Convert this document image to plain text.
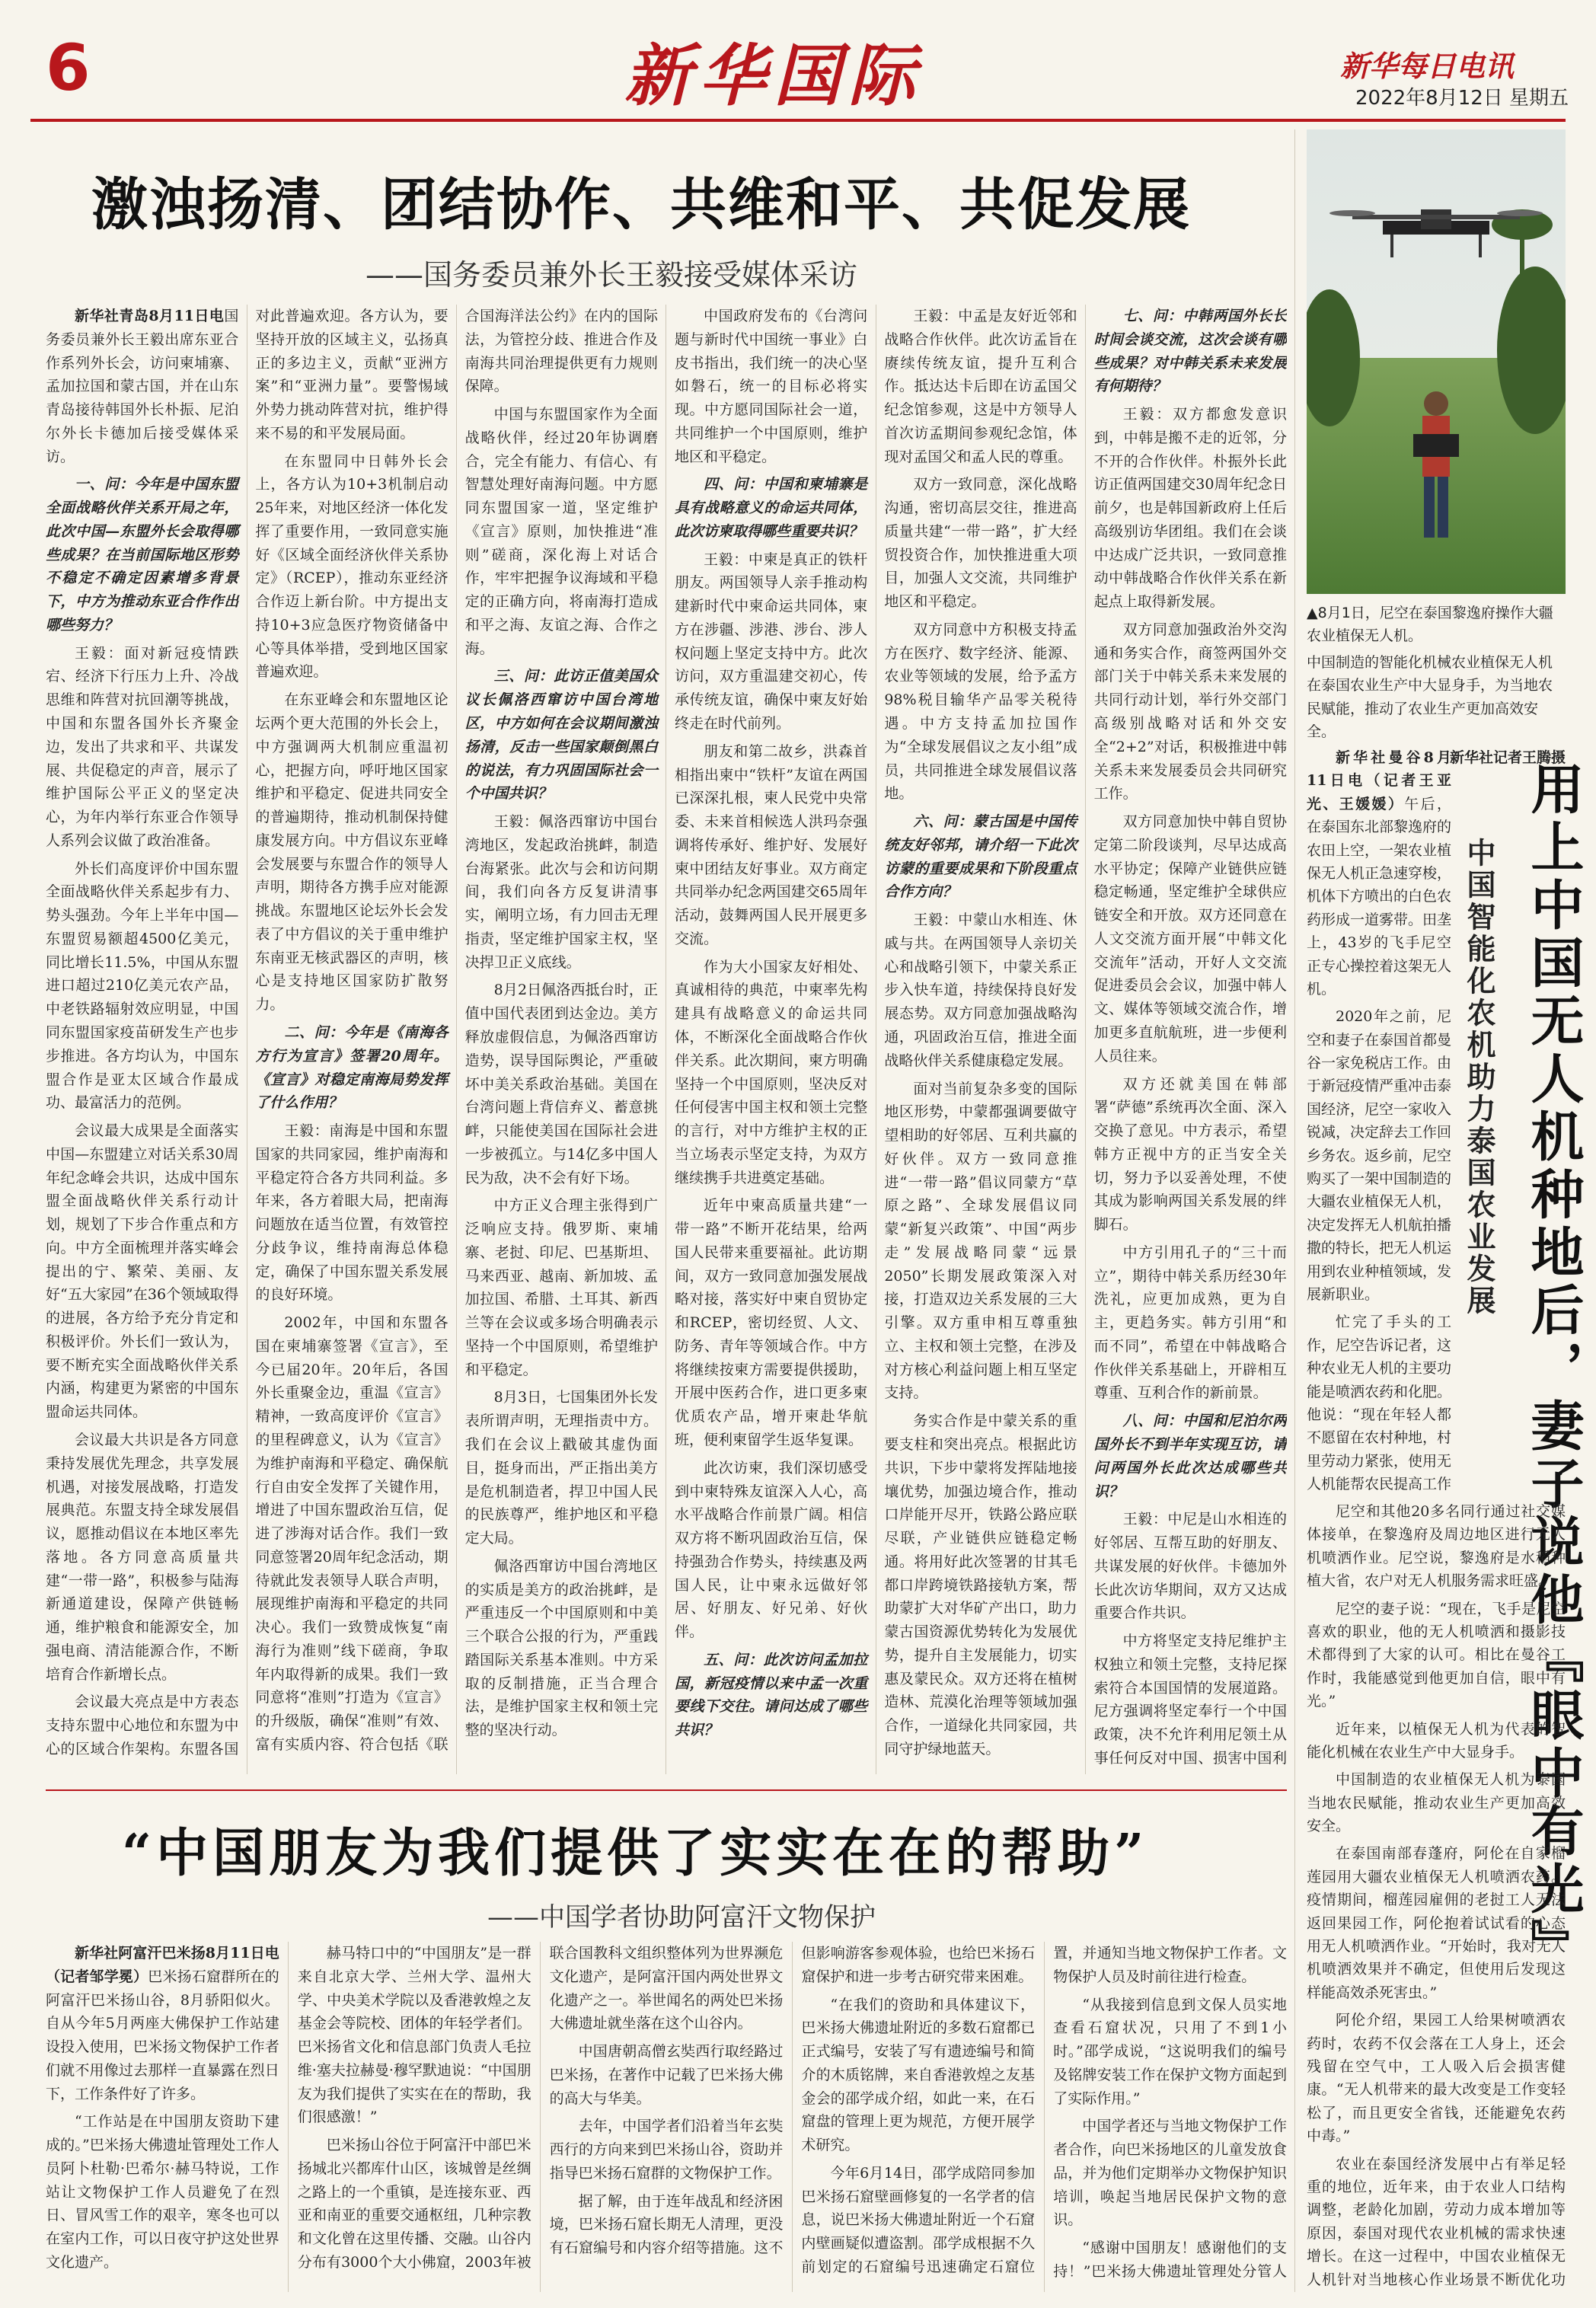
6	新华国际	新华每日电讯
2022年8月12日 星期五
激浊扬清、团结协作、共维和平、共促发展
——国务委员兼外长王毅接受媒体采访

新华社青岛8月11日电国务委员兼外长王毅出席东亚合作系列外长会，访问柬埔寨、孟加拉国和蒙古国，并在山东青岛接待韩国外长朴振、尼泊尔外长卡德加后接受媒体采访。

一、问：今年是中国东盟全面战略伙伴关系开局之年，此次中国—东盟外长会取得哪些成果？在当前国际地区形势不稳定不确定因素增多背景下，中方为推动东亚合作作出哪些努力？

王毅：面对新冠疫情跌宕、经济下行压力上升、冷战思维和阵营对抗回潮等挑战，中国和东盟各国外长齐聚金边，发出了共求和平、共谋发展、共促稳定的声音，展示了维护国际公平正义的坚定决心，为年内举行东亚合作领导人系列会议做了政治准备。

外长们高度评价中国东盟全面战略伙伴关系起步有力、势头强劲。今年上半年中国—东盟贸易额超4500亿美元，同比增长11.5%，中国从东盟进口超过210亿美元农产品，中老铁路辐射效应明显，中国同东盟国家疫苗研发生产也步步推进。各方均认为，中国东盟合作是亚太区域合作最成功、最富活力的范例。

会议最大成果是全面落实中国—东盟建立对话关系30周年纪念峰会共识，达成中国东盟全面战略伙伴关系行动计划，规划了下步合作重点和方向。中方全面梳理并落实峰会提出的宁、繁荣、美丽、友好“五大家园”在36个领域取得的进展，各方给予充分肯定和积极评价。外长们一致认为，要不断充实全面战略伙伴关系内涵，构建更为紧密的中国东盟命运共同体。

会议最大共识是各方同意秉持发展优先理念，共享发展机遇，对接发展战略，打造发展典范。东盟支持全球发展倡议，愿推动倡议在本地区率先落地。各方同意高质量共建“一带一路”，积极参与陆海新通道建设，保障产供链畅通，维护粮食和能源安全，加强电商、清洁能源合作，不断培育合作新增长点。

会议最大亮点是中方表态支持东盟中心地位和东盟为中心的区域合作架构。东盟各国对此普遍欢迎。各方认为，要坚持开放的区域主义，弘扬真正的多边主义，贡献“亚洲方案”和“亚洲力量”。要警惕域外势力挑动阵营对抗，维护得来不易的和平发展局面。

在东盟同中日韩外长会上，各方认为10+3机制启动25年来，对地区经济一体化发挥了重要作用，一致同意实施好《区域全面经济伙伴关系协定》（RCEP），推动东亚经济合作迈上新台阶。中方提出支持10+3应急医疗物资储备中心等具体举措，受到地区国家普遍欢迎。

在东亚峰会和东盟地区论坛两个更大范围的外长会上，中方强调两大机制应重温初心，把握方向，呼吁地区国家维护和平稳定、促进共同安全的普遍期待，推动机制保持健康发展方向。中方倡议东亚峰会发展要与东盟合作的领导人声明，期待各方携手应对能源挑战。东盟地区论坛外长会发表了中方倡议的关于重申维护东南亚无核武器区的声明，核心是支持地区国家防扩散努力。

二、问：今年是《南海各方行为宣言》签署20周年。《宣言》对稳定南海局势发挥了什么作用？

王毅：南海是中国和东盟国家的共同家园，维护南海和平稳定符合各方共同利益。多年来，各方着眼大局，把南海问题放在适当位置，有效管控分歧争议，维持南海总体稳定，确保了中国东盟关系发展的良好环境。

2002年，中国和东盟各国在柬埔寨签署《宣言》，至今已届20年。20年后，各国外长重聚金边，重温《宣言》精神，一致高度评价《宣言》的里程碑意义，认为《宣言》为维护南海和平稳定、确保航行自由安全发挥了关键作用，增进了中国东盟政治互信，促进了涉海对话合作。我们一致同意签署20周年纪念活动，期待就此发表领导人联合声明，展现维护南海和平稳定的共同决心。我们一致赞成恢复“南海行为准则”线下磋商，争取年内取得新的成果。我们一致同意将“准则”打造为《宣言》的升级版，确保“准则”有效、富有实质内容、符合包括《联合国海洋法公约》在内的国际法，为管控分歧、推进合作及南海共同治理提供更有力规则保障。

中国与东盟国家作为全面战略伙伴，经过20年协调磨合，完全有能力、有信心、有智慧处理好南海问题。中方愿同东盟国家一道，坚定维护《宣言》原则，加快推进“准则”磋商，深化海上对话合作，牢牢把握争议海域和平稳定的正确方向，将南海打造成和平之海、友谊之海、合作之海。

三、问：此访正值美国众议长佩洛西窜访中国台湾地区，中方如何在会议期间激浊扬清，反击一些国家颠倒黑白的说法，有力巩固国际社会一个中国共识？

王毅：佩洛西窜访中国台湾地区，发起政治挑衅，制造台海紧张。此次与会和访问期间，我们向各方反复讲清事实，阐明立场，有力回击无理指责，坚定维护国家主权，坚决捍卫正义底线。

8月2日佩洛西抵台时，正值中国代表团到达金边。美方释放虚假信息，为佩洛西窜访造势，误导国际舆论，严重破坏中美关系政治基础。美国在台湾问题上背信弃义、蓄意挑衅，只能使美国在国际社会进一步被孤立。与14亿多中国人民为敌，决不会有好下场。

中方正义合理主张得到广泛响应支持。俄罗斯、柬埔寨、老挝、印尼、巴基斯坦、马来西亚、越南、新加坡、孟加拉国、希腊、土耳其、新西兰等在会议或多场合明确表示坚持一个中国原则，希望维护和平稳定。

8月3日，七国集团外长发表所谓声明，无理指责中方。我们在会议上戳破其虚伪面目，挺身而出，严正指出美方是危机制造者，捍卫中国人民的民族尊严，维护地区和平稳定大局。

佩洛西窜访中国台湾地区的实质是美方的政治挑衅，是严重违反一个中国原则和中美三个联合公报的行为，严重践踏国际关系基本准则。中方采取的反制措施，正当合理合法，是维护国家主权和领土完整的坚决行动。

中国政府发布的《台湾问题与新时代中国统一事业》白皮书指出，我们统一的决心坚如磐石，统一的目标必将实现。中方愿同国际社会一道，共同维护一个中国原则，维护地区和平稳定。

四、问：中国和柬埔寨是具有战略意义的命运共同体，此次访柬取得哪些重要共识？

王毅：中柬是真正的铁杆朋友。两国领导人亲手推动构建新时代中柬命运共同体，柬方在涉疆、涉港、涉台、涉人权问题上坚定支持中方。此次访问，双方重温建交初心，传承传统友谊，确保中柬友好始终走在时代前列。

朋友和第二故乡，洪森首相指出柬中“铁杆”友谊在两国已深深扎根，柬人民党中央常委、未来首相候选人洪玛奈强调将传承好、维护好、发展好柬中团结友好事业。双方商定共同举办纪念两国建交65周年活动，鼓舞两国人民开展更多交流。

作为大小国家友好相处、真诚相待的典范，中柬率先构建具有战略意义的命运共同体，不断深化全面战略合作伙伴关系。此次期间，柬方明确坚持一个中国原则，坚决反对任何侵害中国主权和领土完整的言行，对中方维护主权的正当立场表示坚定支持，为双方继续携手共进奠定基础。

近年中柬高质量共建“一带一路”不断开花结果，给两国人民带来重要福祉。此访期间，双方一致同意加强发展战略对接，落实好中柬自贸协定和RCEP，密切经贸、人文、防务、青年等领域合作。中方将继续按柬方需要提供援助，开展中医药合作，进口更多柬优质农产品，增开柬赴华航班，便利柬留学生返华复课。

此次访柬，我们深切感受到中柬特殊友谊深入人心，高水平战略合作前景广阔。相信双方将不断巩固政治互信，保持强劲合作势头，持续惠及两国人民，让中柬永远做好邻居、好朋友、好兄弟、好伙伴。

五、问：此次访问孟加拉国，新冠疫情以来中孟一次重要线下交往。请问达成了哪些共识？

王毅：中孟是友好近邻和战略合作伙伴。此次访孟旨在赓续传统友谊，提升互利合作。抵达达卡后即在访孟国父纪念馆参观，这是中方领导人首次访孟期间参观纪念馆，体现对孟国父和孟人民的尊重。

双方一致同意，深化战略沟通，密切高层交往，推进高质量共建“一带一路”，扩大经贸投资合作，加快推进重大项目，加强人文交流，共同维护地区和平稳定。

双方同意中方积极支持孟方在医疗、数字经济、能源、农业等领域的发展，给予孟方98%税目输华产品零关税待遇。中方支持孟加拉国作为“全球发展倡议之友小组”成员，共同推进全球发展倡议落地。

六、问：蒙古国是中国传统友好邻邦，请介绍一下此次访蒙的重要成果和下阶段重点合作方向？

王毅：中蒙山水相连、休戚与共。在两国领导人亲切关心和战略引领下，中蒙关系正步入快车道，持续保持良好发展态势。双方同意加强战略沟通，巩固政治互信，推进全面战略伙伴关系健康稳定发展。

面对当前复杂多变的国际地区形势，中蒙都强调要做守望相助的好邻居、互利共赢的好伙伴。双方一致同意推进“一带一路”倡议同蒙方“草原之路”、全球发展倡议同蒙“新复兴政策”、中国“两步走”发展战略同蒙“远景2050”长期发展政策深入对接，打造双边关系发展的三大引擎。双方重申相互尊重独立、主权和领土完整，在涉及对方核心利益问题上相互坚定支持。

务实合作是中蒙关系的重要支柱和突出亮点。根据此访共识，下步中蒙将发挥陆地接壤优势，加强边境合作，推动口岸能开尽开，铁路公路应联尽联，产业链供应链稳定畅通。将用好此次签署的甘其毛都口岸跨境铁路接轨方案，帮助蒙扩大对华矿产出口，助力蒙古国资源优势转化为发展优势，提升自主发展能力，切实惠及蒙民众。双方还将在植树造林、荒漠化治理等领域加强合作，一道绿化共同家园，共同守护绿地蓝天。

七、问：中韩两国外长长时间会谈交流，这次会谈有哪些成果？对中韩关系未来发展有何期待？

王毅：双方都愈发意识到，中韩是搬不走的近邻，分不开的合作伙伴。朴振外长此访正值两国建交30周年纪念日前夕，也是韩国新政府上任后高级别访华团组。我们在会谈中达成广泛共识，一致同意推动中韩战略合作伙伴关系在新起点上取得新发展。

双方同意加强政治外交沟通和务实合作，商签两国外交部门关于中韩关系未来发展的共同行动计划，举行外交部门高级别战略对话和外交安全“2+2”对话，积极推进中韩关系未来发展委员会共同研究工作。

双方同意加快中韩自贸协定第二阶段谈判，尽早达成高水平协定；保障产业链供应链稳定畅通，坚定维护全球供应链安全和开放。双方还同意在人文交流方面开展“中韩文化交流年”活动，开好人文交流促进委员会会议，加强中韩人文、媒体等领域交流合作，增加更多直航航班，进一步便利人员往来。

双方还就美国在韩部署“萨德”系统再次全面、深入交换了意见。中方表示，希望韩方正视中方的正当安全关切，努力予以妥善处理，不使其成为影响两国关系发展的绊脚石。

中方引用孔子的“三十而立”，期待中韩关系历经30年洗礼，应更加成熟，更为自主，更趋务实。韩方引用“和而不同”，希望在中韩战略合作伙伴关系基础上，开辟相互尊重、互利合作的新前景。

八、问：中国和尼泊尔两国外长不到半年实现互访，请问两国外长此次达成哪些共识？

王毅：中尼是山水相连的好邻居、互帮互助的好朋友、共谋发展的好伙伴。卡德加外长此次访华期间，双方又达成重要合作共识。

中方将坚定支持尼维护主权独立和领土完整，支持尼探索符合本国国情的发展道路。尼方强调将坚定奉行一个中国政策，决不允许利用尼领土从事任何反对中国、损害中国利

“中国朋友为我们提供了实实在在的帮助”
——中国学者协助阿富汗文物保护

新华社阿富汗巴米扬8月11日电（记者邹学冕）巴米扬石窟群所在的阿富汗巴米扬山谷，8月骄阳似火。自从今年5月两座大佛保护工作站建设投入使用，巴米扬文物保护工作者们就不用像过去那样一直暴露在烈日下，工作条件好了许多。

“工作站是在中国朋友资助下建成的。”巴米扬大佛遗址管理处工作人员阿卜杜勒·巴希尔·赫马特说，工作站让文物保护工作人员避免了在烈日、冒风雪工作的艰辛，寒冬也可以在室内工作，可以日夜守护这处世界文化遗产。

赫马特口中的“中国朋友”是一群来自北京大学、兰州大学、温州大学、中央美术学院以及香港敦煌之友基金会等院校、团体的年轻学者们。巴米扬省文化和信息部门负责人毛拉维·塞夫拉赫曼·穆罕默迪说：“中国朋友为我们提供了实实在在的帮助，我们很感激！”

巴米扬山谷位于阿富汗中部巴米扬城北兴都库什山区，该城曾是丝绸之路上的一个重镇，是连接东亚、西亚和南亚的重要交通枢纽，几种宗教和文化曾在这里传播、交融。山谷内分布有3000个大小佛窟，2003年被联合国教科文组织整体列为世界濒危文化遗产，是阿富汗国内两处世界文化遗产之一。举世闻名的两处巴米扬大佛遗址就坐落在这个山谷内。

中国唐朝高僧玄奘西行取经路过巴米扬，在著作中记载了巴米扬大佛的高大与华美。

去年，中国学者们沿着当年玄奘西行的方向来到巴米扬山谷，资助并指导巴米扬石窟群的文物保护工作。

据了解，由于连年战乱和经济困境，巴米扬石窟长期无人清理，更没有石窟编号和内容介绍等措施。这不但影响游客参观体验，也给巴米扬石窟保护和进一步考古研究带来困难。

“在我们的资助和具体建议下，巴米扬大佛遗址附近的多数石窟都已正式编号，安装了写有遗迹编号和简介的木质铭牌，来自香港敦煌之友基金会的邵学成介绍，如此一来，在石窟盘的管理上更为规范，方便开展学术研究。

今年6月14日，邵学成陪同参加巴米扬石窟壁画修复的一名学者的信息，说巴米扬大佛遗址附近一个石窟内壁画疑似遭盗割。邵学成根据不久前划定的石窟编号迅速确定石窟位置，并通知当地文物保护工作者。文物保护人员及时前往进行检查。

“从我接到信息到文保人员实地查看石窟状况，只用了不到1小时。”邵学成说，“这说明我们的编号及铭牌安装工作在保护文物方面起到了实际作用。”

中国学者还与当地文物保护工作者合作，向巴米扬地区的儿童发放食品，并为他们定期举办文物保护知识培训，唤起当地居民保护文物的意识。

“感谢中国朋友！感谢他们的支持！”巴米扬大佛遗址管理处分管人

▲8月1日，尼空在泰国黎逸府操作大疆农业植保无人机。

中国制造的智能化机械农业植保无人机在泰国农业生产中大显身手，为当地农民赋能，推动了农业生产更加高效安全。

新华社记者王腾摄

用上中国无人机种地后，妻子说他『眼中有光』
中国智能化农机助力泰国农业发展

新华社曼谷8月11日电（记者王亚光、王媛媛）午后，在泰国东北部黎逸府的农田上空，一架农业植保无人机正急速穿梭，机体下方喷出的白色农药形成一道雾带。田垄上，43岁的飞手尼空正专心操控着这架无人机。

2020年之前，尼空和妻子在泰国首都曼谷一家免税店工作。由于新冠疫情严重冲击泰国经济，尼空一家收入锐减，决定辞去工作回乡务农。返乡前，尼空购买了一架中国制造的大疆农业植保无人机，决定发挥无人机航拍播撒的特长，把无人机运用到农业种植领域，发展新职业。

忙完了手头的工作，尼空告诉记者，这种农业无人机的主要功能是喷洒农药和化肥。他说：“现在年轻人都不愿留在农村种地，村里劳动力紧张，使用无人机能帮农民提高工作

尼空和其他20多名同行通过社交媒体接单，在黎逸府及周边地区进行无人机喷洒作业。尼空说，黎逸府是水稻种植大省，农户对无人机服务需求旺盛。

尼空的妻子说：“现在，飞手是尼空喜欢的职业，他的无人机喷洒和摄影技术都得到了大家的认可。相比在曼谷工作时，我能感觉到他更加自信，眼中有光。”

近年来，以植保无人机为代表的智能化机械在农业生产中大显身手。

中国制造的农业植保无人机为泰国当地农民赋能，推动农业生产更加高效安全。

在泰国南部春蓬府，阿伦在自家榴莲园用大疆农业植保无人机喷洒农药。疫情期间，榴莲园雇佣的老挝工人无法返回果园工作，阿伦抱着试试看的心态用无人机喷洒作业。“开始时，我对无人机喷洒效果并不确定，但使用后发现这样能高效杀死害虫。”

阿伦介绍，果园工人给果树喷洒农药时，农药不仅会落在工人身上，还会残留在空气中，工人吸入后会损害健康。“无人机带来的最大改变是工作变轻松了，而且更安全省钱，还能避免农药中毒。”

农业在泰国经济发展中占有举足轻重的地位，近年来，由于农业人口结构调整，老龄化加剧，劳动力成本增加等原因，泰国对现代农业机械的需求快速增长。在这一过程中，中国农业植保无人机针对当地核心作业场景不断优化功
